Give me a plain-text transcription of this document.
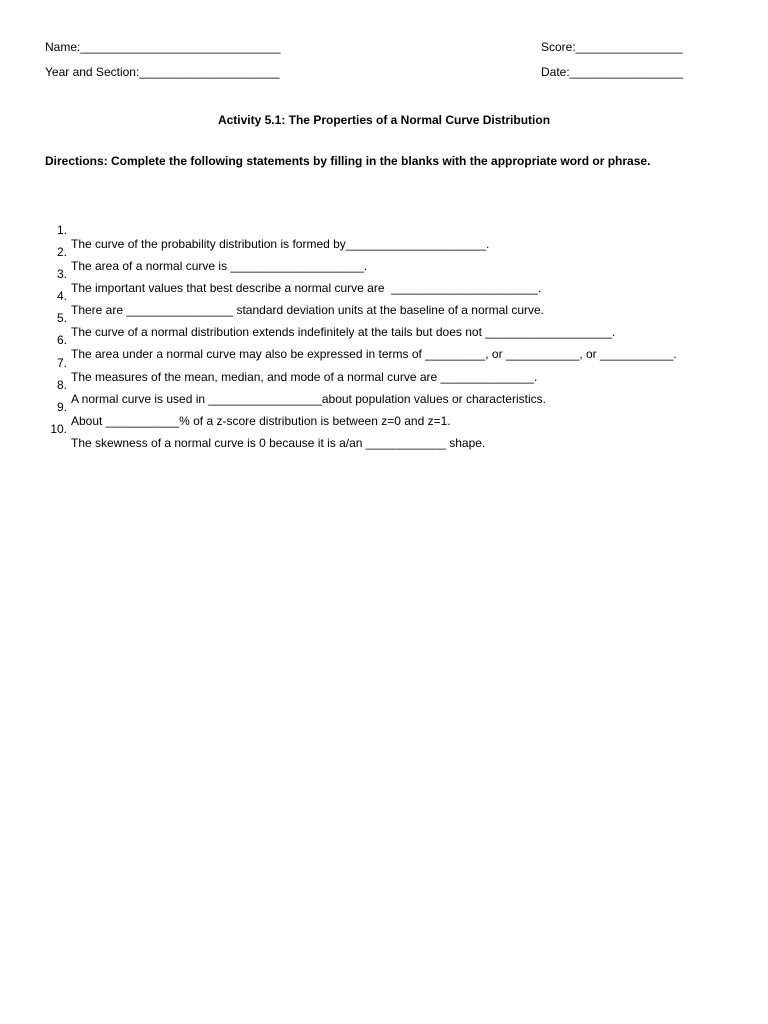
Name:______________________________	Score:________________
Year and Section:_____________________	Date:_________________
Activity 5.1: The Properties of a Normal Curve Distribution
Directions: Complete the following statements by filling in the blanks with the appropriate word or phrase.

1.

The curve of the probability distribution is formed by_____________________.

2.

The area of a normal curve is ____________________.

3.

The important values that best describe a normal curve are  ______________________.

4.

There are ________________ standard deviation units at the baseline of a normal curve.

5.

The curve of a normal distribution extends indefinitely at the tails but does not ___________________.

6.

The area under a normal curve may also be expressed in terms of _________, or ___________, or ___________.

7.

The measures of the mean, median, and mode of a normal curve are ______________.

8.

A normal curve is used in _________________about population values or characteristics.

9.

About ___________% of a z-score distribution is between z=0 and z=1.

10.

The skewness of a normal curve is 0 because it is a/an ____________ shape.
